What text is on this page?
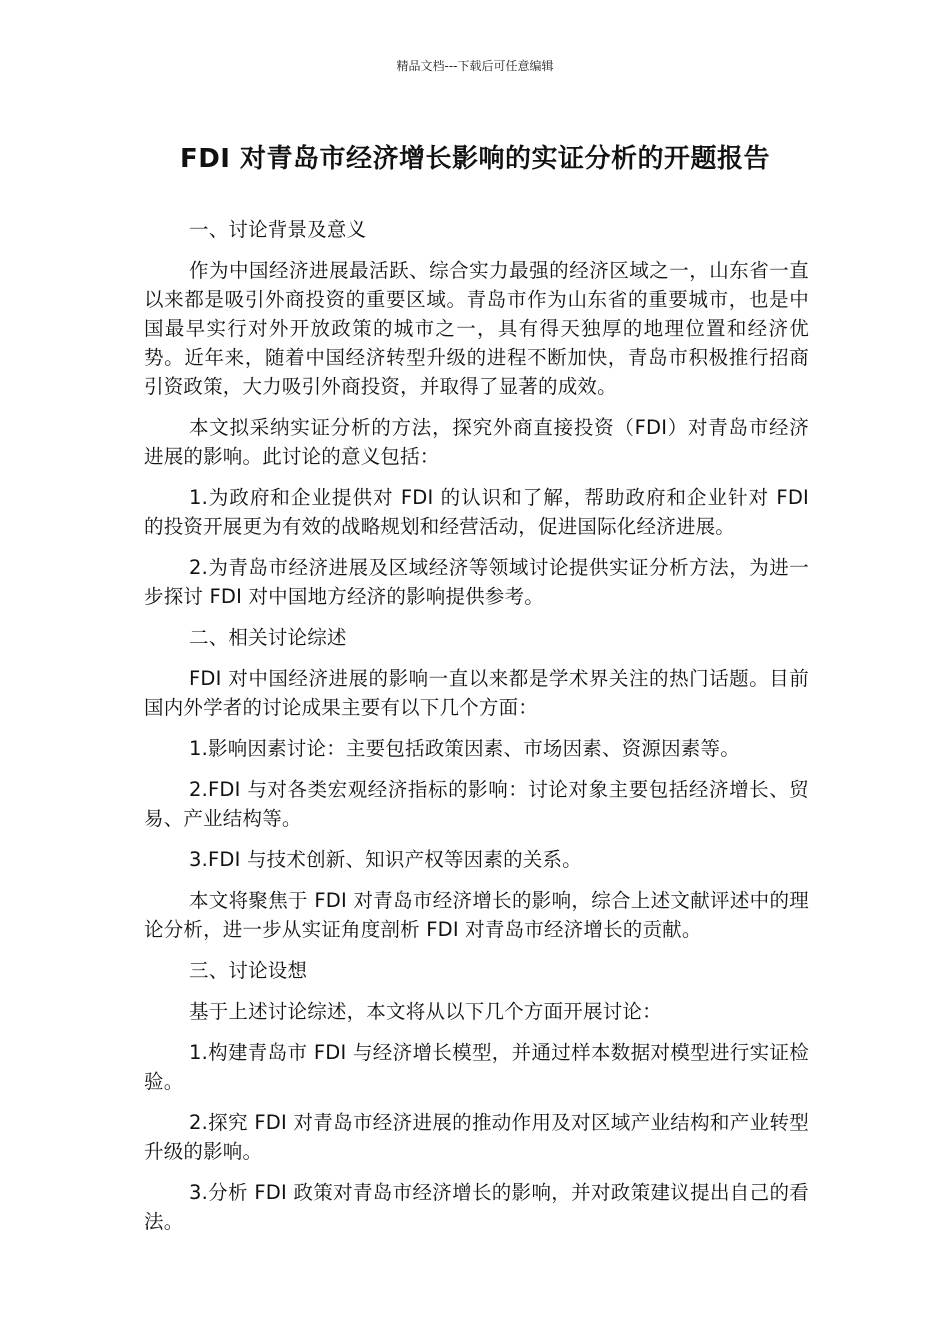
精品文档---下载后可任意编辑
FDI 对青岛市经济增长影响的实证分析的开题报告

一、讨论背景及意义

作为中国经济进展最活跃、综合实力最强的经济区域之一，山东省一直以来都是吸引外商投资的重要区域。青岛市作为山东省的重要城市，也是中国最早实行对外开放政策的城市之一，具有得天独厚的地理位置和经济优势。近年来，随着中国经济转型升级的进程不断加快，青岛市积极推行招商引资政策，大力吸引外商投资，并取得了显著的成效。

本文拟采纳实证分析的方法，探究外商直接投资（FDI）对青岛市经济进展的影响。此讨论的意义包括：

1.为政府和企业提供对 FDI 的认识和了解，帮助政府和企业针对 FDI 的投资开展更为有效的战略规划和经营活动，促进国际化经济进展。

2.为青岛市经济进展及区域经济等领域讨论提供实证分析方法，为进一步探讨 FDI 对中国地方经济的影响提供参考。

二、相关讨论综述

FDI 对中国经济进展的影响一直以来都是学术界关注的热门话题。目前国内外学者的讨论成果主要有以下几个方面：

1.影响因素讨论：主要包括政策因素、市场因素、资源因素等。

2.FDI 与对各类宏观经济指标的影响：讨论对象主要包括经济增长、贸易、产业结构等。

3.FDI 与技术创新、知识产权等因素的关系。

本文将聚焦于 FDI 对青岛市经济增长的影响，综合上述文献评述中的理论分析，进一步从实证角度剖析 FDI 对青岛市经济增长的贡献。

三、讨论设想

基于上述讨论综述，本文将从以下几个方面开展讨论：

1.构建青岛市 FDI 与经济增长模型，并通过样本数据对模型进行实证检验。

2.探究 FDI 对青岛市经济进展的推动作用及对区域产业结构和产业转型升级的影响。

3.分析 FDI 政策对青岛市经济增长的影响，并对政策建议提出自己的看法。
